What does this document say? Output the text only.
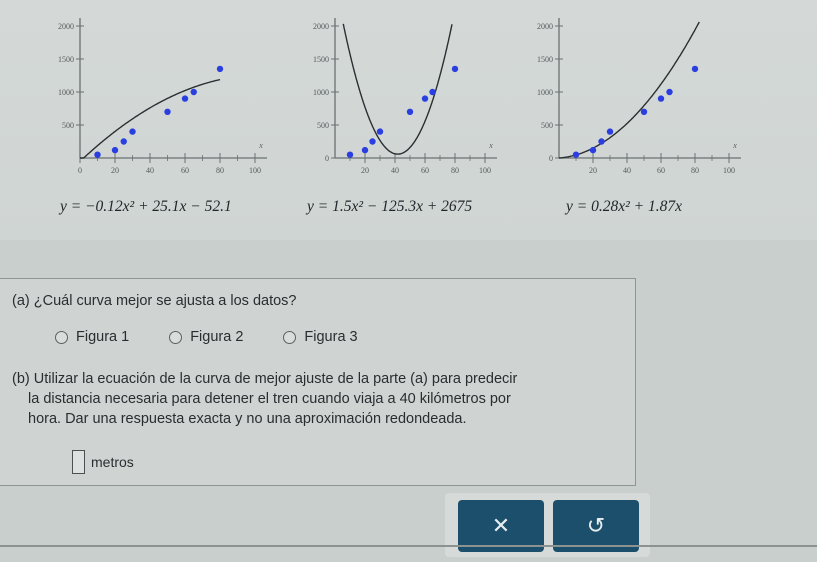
2000
1500
1000
500
0	20	40	60	80	100
x
y = −0.12x² + 25.1x − 52.1
2000
1500
1000
500
0
20	40	60	80	100
x
y = 1.5x² − 125.3x + 2675
2000
1500
1000
500
0
20	40	60	80	100
x
y = 0.28x² + 1.87x
(a) ¿Cuál curva mejor se ajusta a los datos?
Figura 1	Figura 2	Figura 3
(b) Utilizar la ecuación de la curva de mejor ajuste de la parte (a) para predecir
la distancia necesaria para detener el tren cuando viaja a 40 kilómetros por
hora. Dar una respuesta exacta y no una aproximación redondeada.
metros
✕	↺
